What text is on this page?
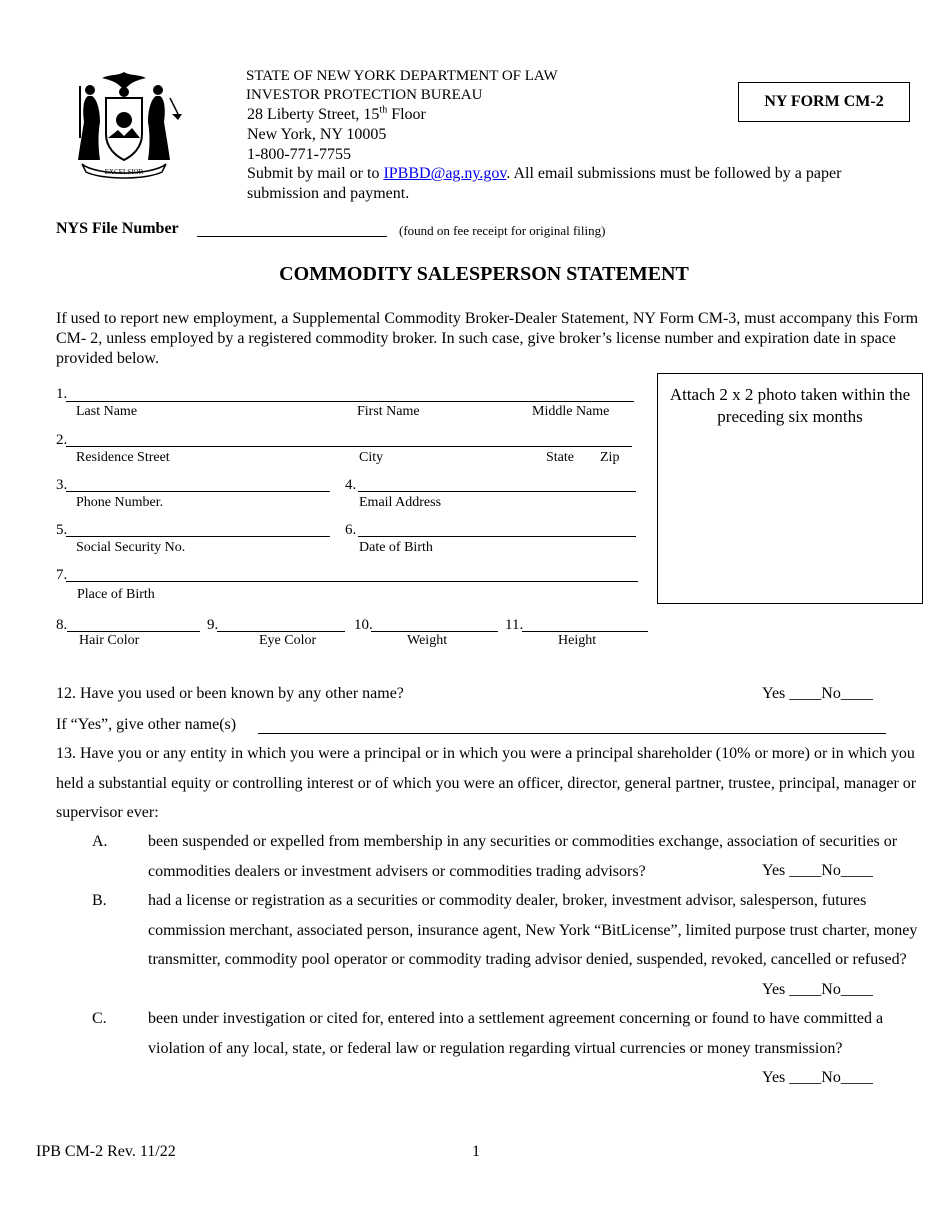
EXCELSIOR
STATE OF NEW YORK DEPARTMENT OF LAW
INVESTOR PROTECTION BUREAU
28 Liberty Street, 15th Floor
New York, NY 10005
1-800-771-7755
Submit by mail or to IPBBD@ag.ny.gov. All email submissions must be followed by a paper
submission and payment.
NY FORM CM-2
NYS File Number	(found on fee receipt for original filing)
COMMODITY SALESPERSON STATEMENT
If used to report new employment, a Supplemental Commodity Broker-Dealer Statement, NY Form CM-3, must accompany this Form CM- 2, unless employed by a registered commodity broker. In such case, give broker’s license number and expiration date in space provided below.
Attach 2 x 2 photo taken within the preceding six months
1.
Last Name	First Name	Middle Name
2.
Residence Street	City	State Zip
3.
Phone Number.
4.
Email Address
5.
Social Security No.
6.
Date of Birth
7.
Place of Birth
8.
Hair Color
9.
Eye Color
10.
Weight
11.
Height
12. Have you used or been known by any other name?	Yes ____No____
If “Yes”, give other name(s)
13. Have you or any entity in which you were a principal or in which you were a principal shareholder (10% or more) or in which you held a substantial equity or controlling interest or of which you were an officer, director, general partner, trustee, principal, manager or supervisor ever:
A.	been suspended or expelled from membership in any securities or commodities exchange, association of securities or commodities dealers or investment advisers or commodities trading advisors?	Yes ____No____
B.	had a license or registration as a securities or commodity dealer, broker, investment advisor, salesperson, futures commission merchant, associated person, insurance agent, New York “BitLicense”, limited purpose trust charter, money transmitter, commodity pool operator or commodity trading advisor denied, suspended, revoked, cancelled or refused?
Yes ____No____
C.	been under investigation or cited for, entered into a settlement agreement concerning or found to have committed a violation of any local, state, or federal law or regulation regarding virtual currencies or money transmission?
Yes ____No____
IPB CM-2 Rev. 11/22	1
